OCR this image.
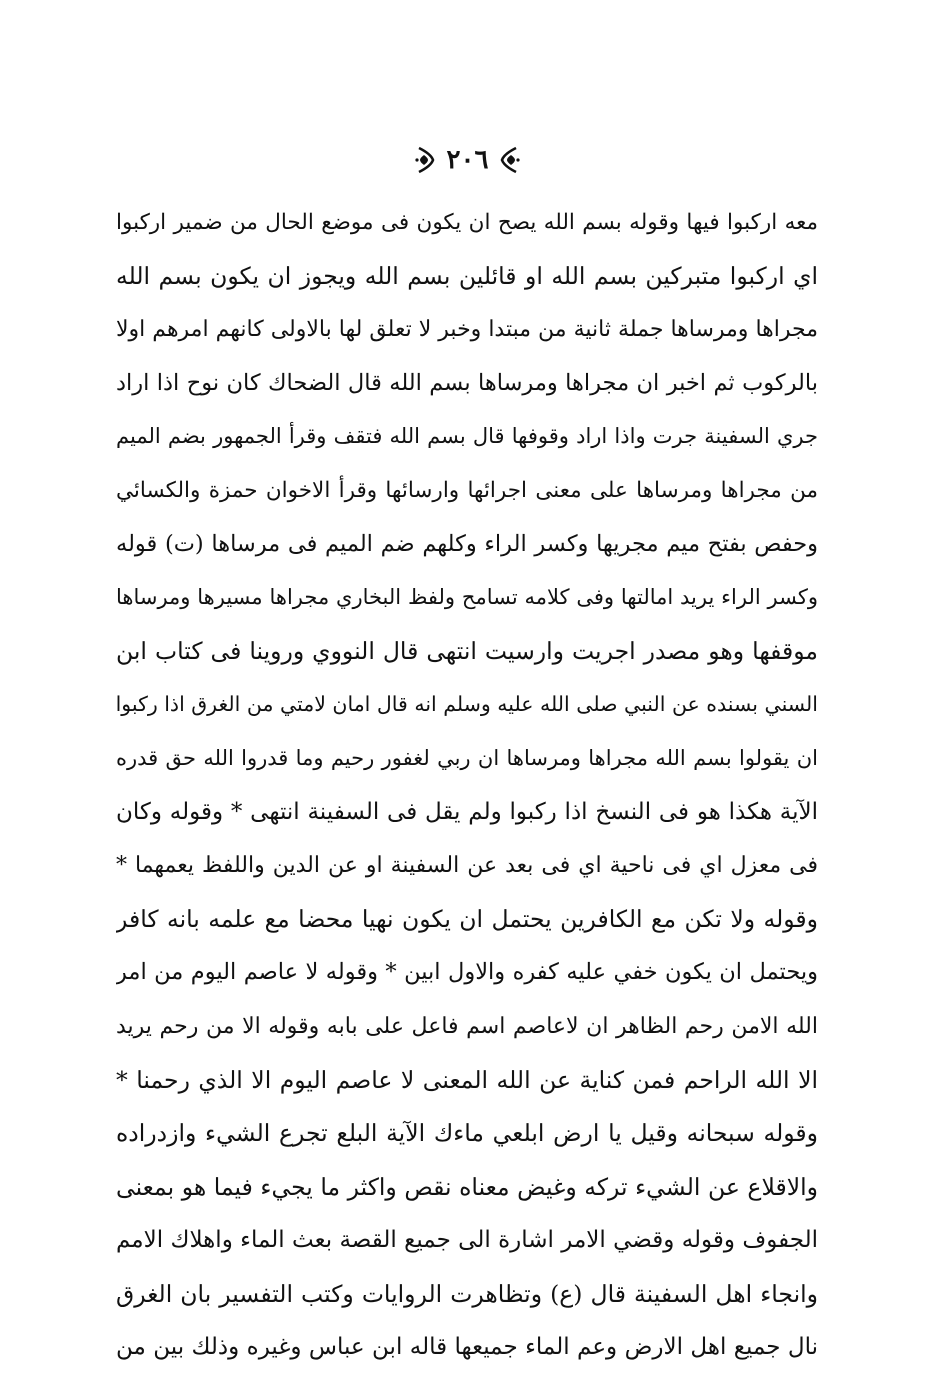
٢٠٦
معه اركبوا فيها وقوله بسم الله يصح ان يكون فى موضع الحال من ضمير اركبوا
اي اركبوا متبركين بسم الله او قائلين بسم الله ويجوز ان يكون بسم الله
مجراها ومرساها جملة ثانية من مبتدا وخبر لا تعلق لها بالاولى كانهم امرهم اولا
بالركوب ثم اخبر ان مجراها ومرساها بسم الله قال الضحاك كان نوح اذا اراد
جري السفينة جرت واذا اراد وقوفها قال بسم الله فتقف وقرأ الجمهور بضم الميم
من مجراها ومرساها على معنى اجرائها وارسائها وقرأ الاخوان حمزة والكسائي
وحفص بفتح ميم مجريها وكسر الراء وكلهم ضم الميم فى مرساها (ت) قوله
وكسر الراء يريد امالتها وفى كلامه تسامح ولفظ البخاري مجراها مسيرها ومرساها
موقفها وهو مصدر اجريت وارسيت انتهى قال النووي وروينا فى كتاب ابن
السني بسنده عن النبي صلى الله عليه وسلم انه قال امان لامتي من الغرق اذا ركبوا
ان يقولوا بسم الله مجراها ومرساها ان ربي لغفور رحيم وما قدروا الله حق قدره
الآية هكذا هو فى النسخ اذا ركبوا ولم يقل فى السفينة انتهى * وقوله وكان
فى معزل اي فى ناحية اي فى بعد عن السفينة او عن الدين واللفظ يعمهما *
وقوله ولا تكن مع الكافرين يحتمل ان يكون نهيا محضا مع علمه بانه كافر
ويحتمل ان يكون خفي عليه كفره والاول ابين * وقوله لا عاصم اليوم من امر
الله الامن رحم الظاهر ان لاعاصم اسم فاعل على بابه وقوله الا من رحم يريد
الا الله الراحم فمن كناية عن الله المعنى لا عاصم اليوم الا الذي رحمنا *
وقوله سبحانه وقيل يا ارض ابلعي ماءك الآية البلع تجرع الشيء وازدراده
والاقلاع عن الشيء تركه وغيض معناه نقص واكثر ما يجيء فيما هو بمعنى
الجفوف وقوله وقضي الامر اشارة الى جميع القصة بعث الماء واهلاك الامم
وانجاء اهل السفينة قال (ع) وتظاهرت الروايات وكتب التفسير بان الغرق
نال جميع اهل الارض وعم الماء جميعها قاله ابن عباس وغيره وذلك بين من
